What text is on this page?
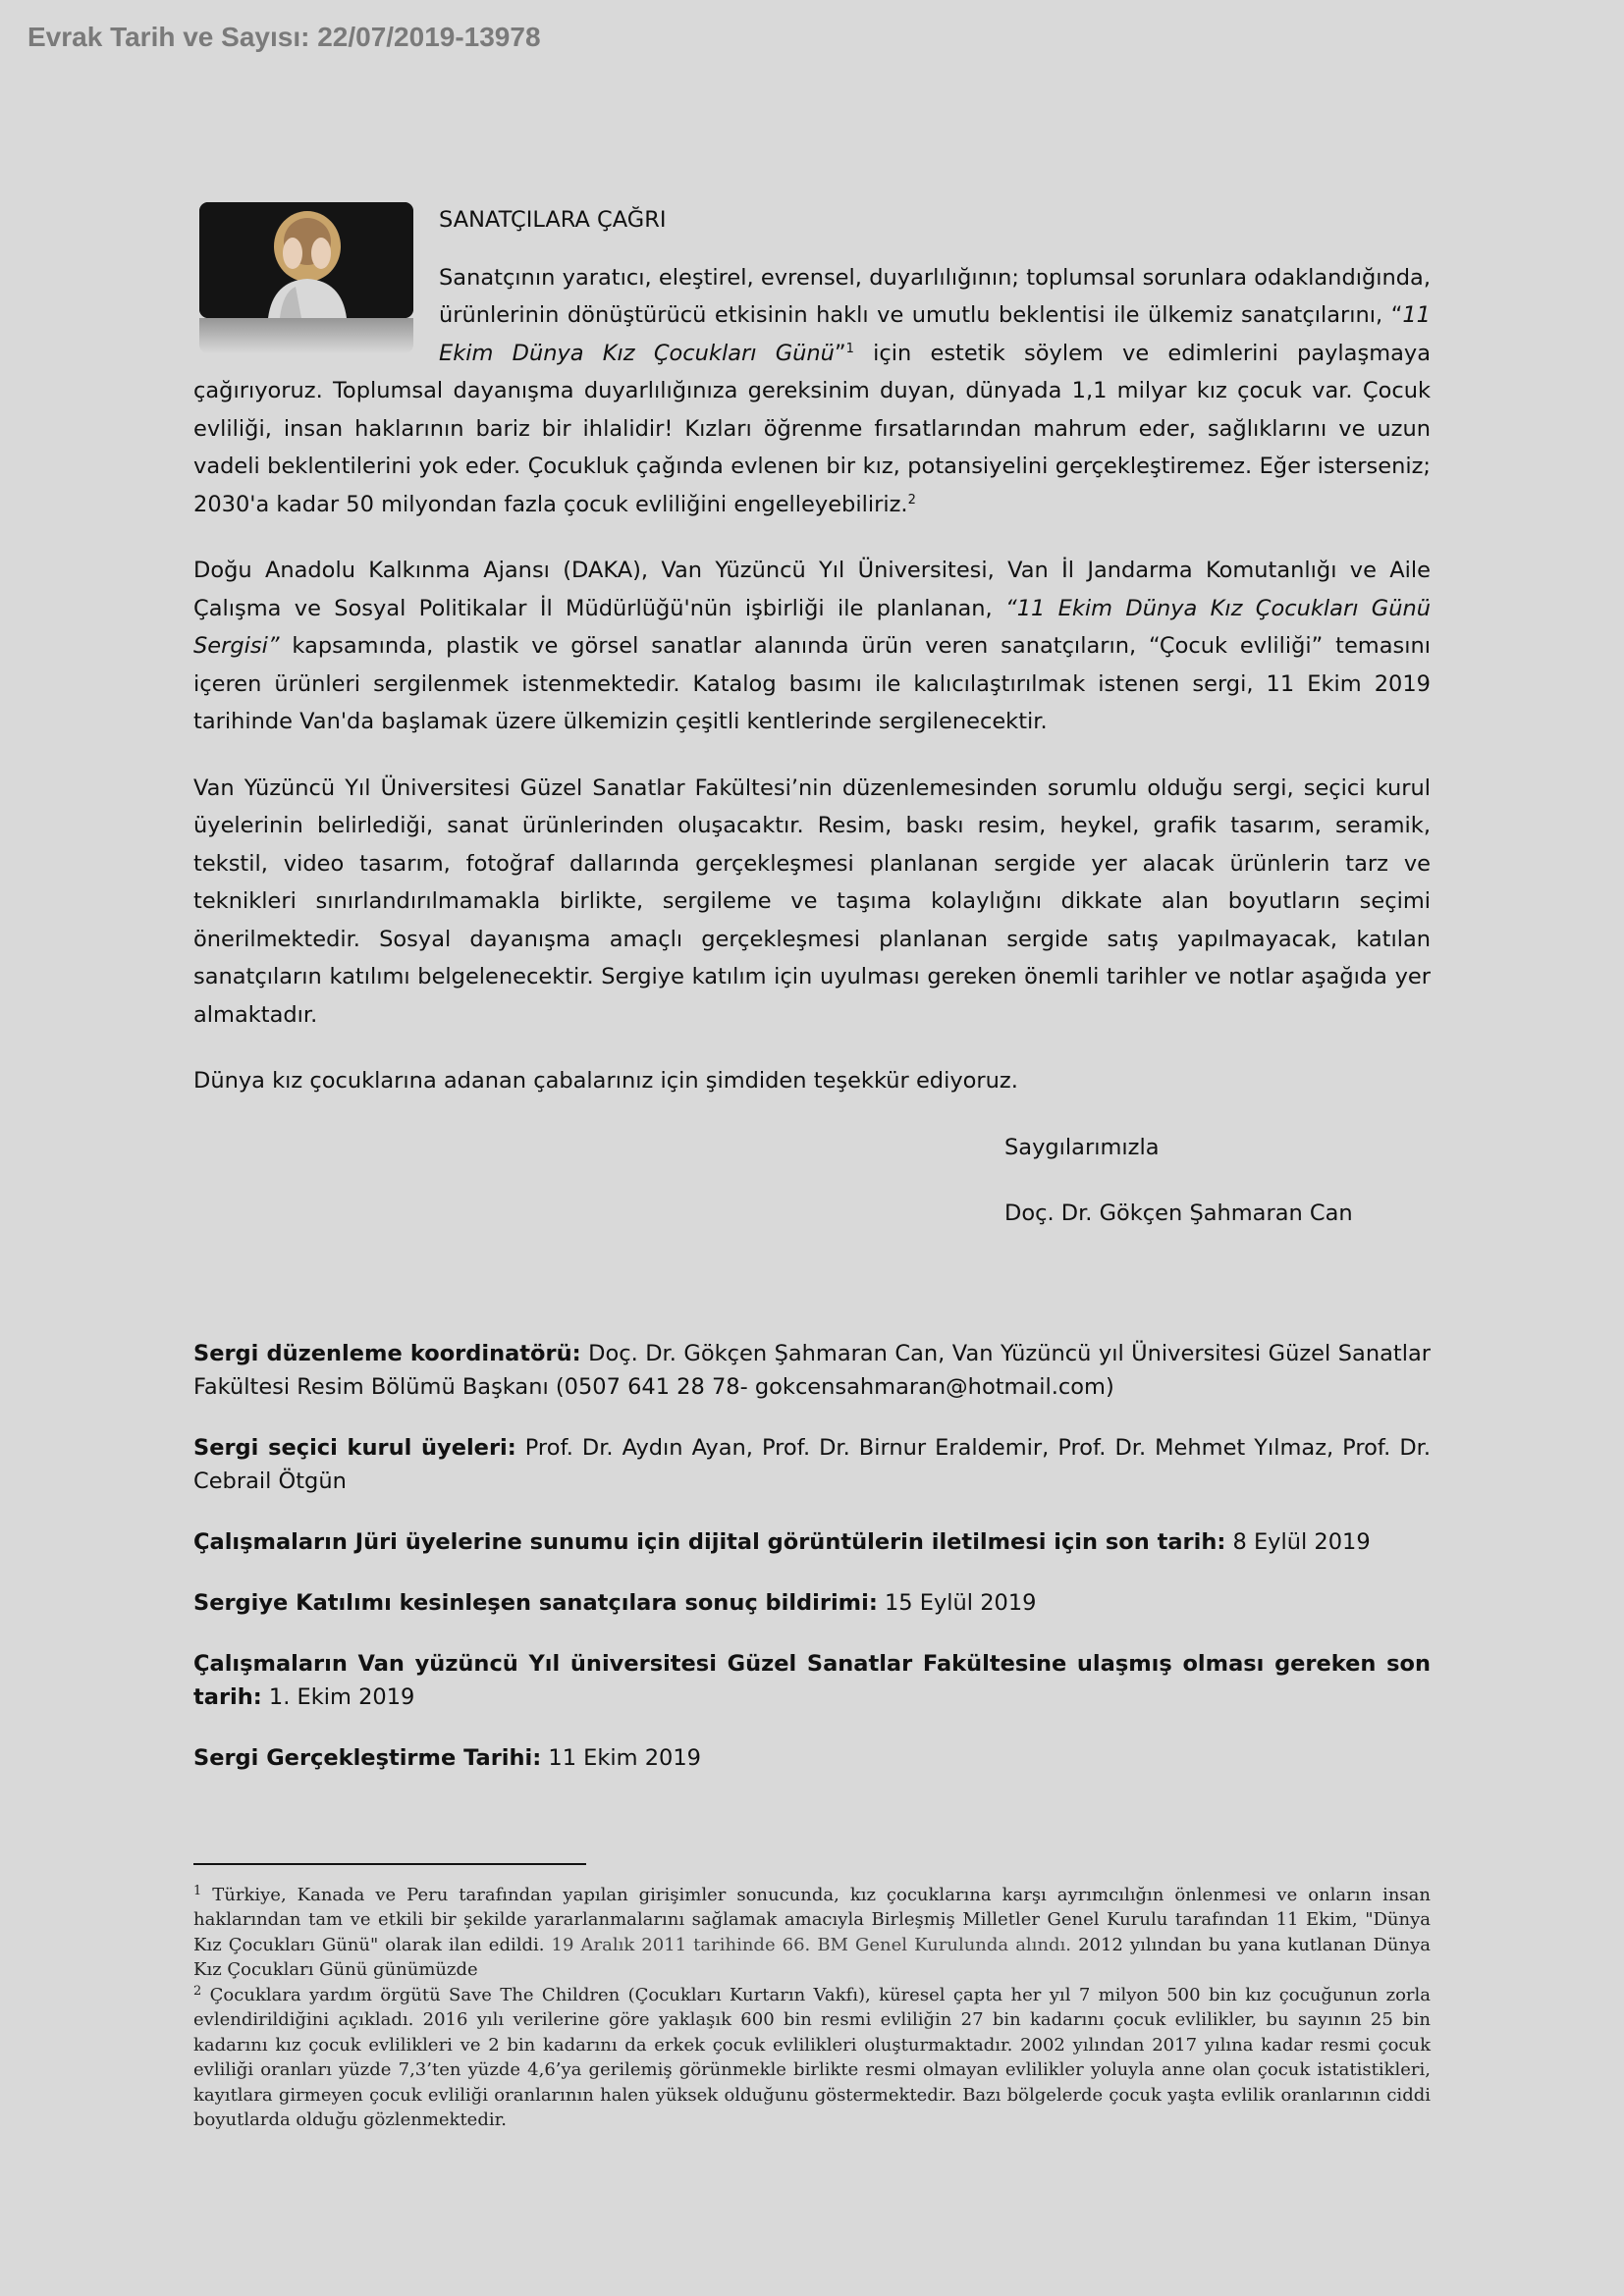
Evrak Tarih ve Sayısı: 22/07/2019-13978
SANATÇILARA ÇAĞRI

Sanatçının yaratıcı, eleştirel, evrensel, duyarlılığının; toplumsal sorunlara odaklandığında, ürünlerinin dönüştürücü etkisinin haklı ve umutlu beklentisi ile ülkemiz sanatçılarını, “11 Ekim Dünya Kız Çocukları Günü”$^1$ için estetik söylem ve edimlerini paylaşmaya çağırıyoruz. Toplumsal dayanışma duyarlılığınıza gereksinim duyan, dünyada 1,1 milyar kız çocuk var. Çocuk evliliği, insan haklarının bariz bir ihlalidir! Kızları öğrenme fırsatlarından mahrum eder, sağlıklarını ve uzun vadeli beklentilerini yok eder. Çocukluk çağında evlenen bir kız, potansiyelini gerçekleştiremez. Eğer isterseniz; 2030'a kadar 50 milyondan fazla çocuk evliliğini engelleyebiliriz.$^2$

Doğu Anadolu Kalkınma Ajansı (DAKA), Van Yüzüncü Yıl Üniversitesi, Van İl Jandarma Komutanlığı ve Aile Çalışma ve Sosyal Politikalar İl Müdürlüğü'nün işbirliği ile planlanan, “11 Ekim Dünya Kız Çocukları Günü Sergisi” kapsamında, plastik ve görsel sanatlar alanında ürün veren sanatçıların, “Çocuk evliliği” temasını içeren ürünleri sergilenmek istenmektedir. Katalog basımı ile kalıcılaştırılmak istenen sergi, 11 Ekim 2019 tarihinde Van'da başlamak üzere ülkemizin çeşitli kentlerinde sergilenecektir.

Van Yüzüncü Yıl Üniversitesi Güzel Sanatlar Fakültesi’nin düzenlemesinden sorumlu olduğu sergi, seçici kurul üyelerinin belirlediği, sanat ürünlerinden oluşacaktır. Resim, baskı resim, heykel, grafik tasarım, seramik, tekstil, video tasarım, fotoğraf dallarında gerçekleşmesi planlanan sergide yer alacak ürünlerin tarz ve teknikleri sınırlandırılmamakla birlikte, sergileme ve taşıma kolaylığını dikkate alan boyutların seçimi önerilmektedir. Sosyal dayanışma amaçlı gerçekleşmesi planlanan sergide satış yapılmayacak, katılan sanatçıların katılımı belgelenecektir. Sergiye katılım için uyulması gereken önemli tarihler ve notlar aşağıda yer almaktadır.

Dünya kız çocuklarına adanan çabalarınız için şimdiden teşekkür ediyoruz.

Saygılarımızla

Doç. Dr. Gökçen Şahmaran Can

Sergi düzenleme koordinatörü: Doç. Dr. Gökçen Şahmaran Can, Van Yüzüncü yıl Üniversitesi Güzel Sanatlar Fakültesi Resim Bölümü Başkanı (0507 641 28 78- gokcensahmaran@hotmail.com)

Sergi seçici kurul üyeleri: Prof. Dr. Aydın Ayan, Prof. Dr. Birnur Eraldemir, Prof. Dr. Mehmet Yılmaz, Prof. Dr. Cebrail Ötgün

Çalışmaların Jüri üyelerine sunumu için dijital görüntülerin iletilmesi için son tarih: 8 Eylül 2019

Sergiye Katılımı kesinleşen sanatçılara sonuç bildirimi: 15 Eylül 2019

Çalışmaların Van yüzüncü Yıl üniversitesi Güzel Sanatlar Fakültesine ulaşmış olması gereken son tarih: 1. Ekim 2019

Sergi Gerçekleştirme Tarihi: 11 Ekim 2019

$^1$ Türkiye, Kanada ve Peru tarafından yapılan girişimler sonucunda, kız çocuklarına karşı ayrımcılığın önlenmesi ve onların insan haklarından tam ve etkili bir şekilde yararlanmalarını sağlamak amacıyla Birleşmiş Milletler Genel Kurulu tarafından 11 Ekim, "Dünya Kız Çocukları Günü" olarak ilan edildi. 19 Aralık 2011 tarihinde 66. BM Genel Kurulunda alındı. 2012 yılından bu yana kutlanan Dünya Kız Çocukları Günü günümüzde
$^2$ Çocuklara yardım örgütü Save The Children (Çocukları Kurtarın Vakfı), küresel çapta her yıl 7 milyon 500 bin kız çocuğunun zorla evlendirildiğini açıkladı. 2016 yılı verilerine göre yaklaşık 600 bin resmi evliliğin 27 bin kadarını çocuk evlilikler, bu sayının 25 bin kadarını kız çocuk evlilikleri ve 2 bin kadarını da erkek çocuk evlilikleri oluşturmaktadır. 2002 yılından 2017 yılına kadar resmi çocuk evliliği oranları yüzde 7,3’ten yüzde 4,6’ya gerilemiş görünmekle birlikte resmi olmayan evlilikler yoluyla anne olan çocuk istatistikleri, kayıtlara girmeyen çocuk evliliği oranlarının halen yüksek olduğunu göstermektedir. Bazı bölgelerde çocuk yaşta evlilik oranlarının ciddi boyutlarda olduğu gözlenmektedir.
